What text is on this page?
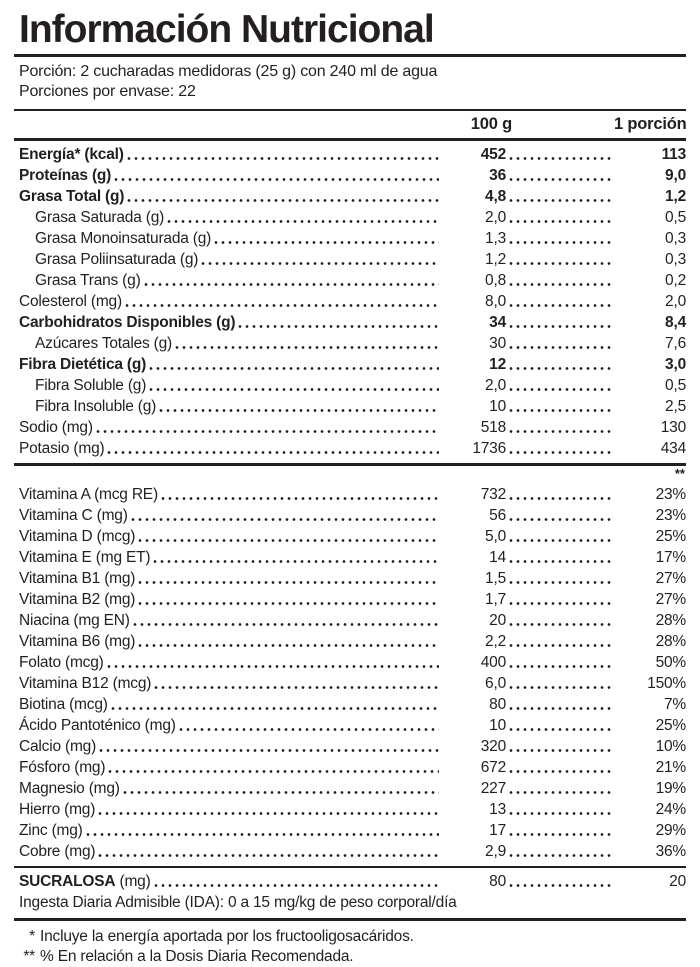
Información Nutricional

Porción: 2 cucharadas medidoras (25 g) con 240 ml de agua

Porciones por envase: 22

100 g	1 porción
Energía* (kcal)	452	113
Proteínas (g)	36	9,0
Grasa Total (g)	4,8	1,2
Grasa Saturada (g)	2,0	0,5
Grasa Monoinsaturada (g)	1,3	0,3
Grasa Poliinsaturada (g)	1,2	0,3
Grasa Trans (g)	0,8	0,2
Colesterol (mg)	8,0	2,0
Carbohidratos Disponibles (g)	34	8,4
Azúcares Totales (g)	30	7,6
Fibra Dietética (g)	12	3,0
Fibra Soluble (g)	2,0	0,5
Fibra Insoluble (g)	10	2,5
Sodio (mg)	518	130
Potasio (mg)	1736	434
**
Vitamina A (mcg RE)	732	23%
Vitamina C (mg)	56	23%
Vitamina D (mcg)	5,0	25%
Vitamina E (mg ET)	14	17%
Vitamina B1 (mg)	1,5	27%
Vitamina B2 (mg)	1,7	27%
Niacina (mg EN)	20	28%
Vitamina B6 (mg)	2,2	28%
Folato (mcg)	400	50%
Vitamina B12 (mcg)	6,0	150%
Biotina (mcg)	80	7%
Ácido Pantoténico (mg)	10	25%
Calcio (mg)	320	10%
Fósforo (mg)	672	21%
Magnesio (mg)	227	19%
Hierro (mg)	13	24%
Zinc (mg)	17	29%
Cobre (mg)	2,9	36%
SUCRALOSA (mg)	80	20

Ingesta Diaria Admisible (IDA): 0 a 15 mg/kg de peso corporal/día

* Incluye la energía aportada por los fructooligosacáridos.
** % En relación a la Dosis Diaria Recomendada.
